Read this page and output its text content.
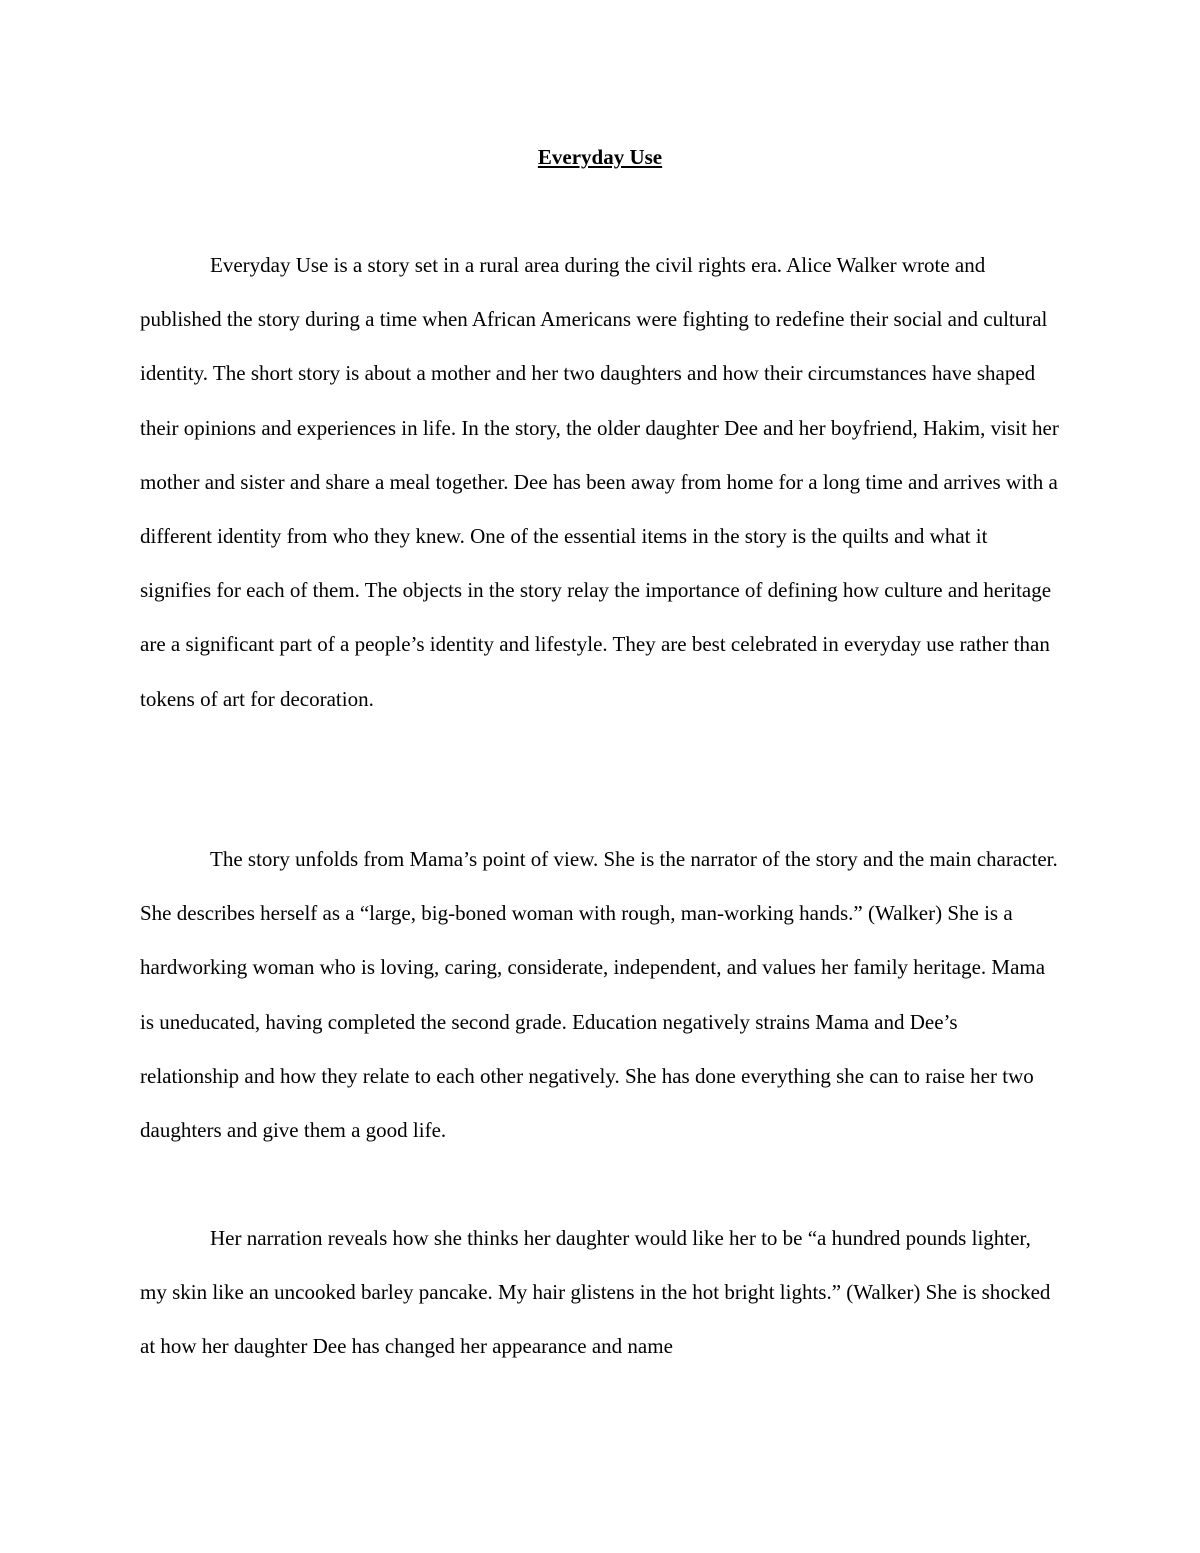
Everyday Use

Everyday Use is a story set in a rural area during the civil rights era. Alice Walker wrote and published the story during a time when African Americans were fighting to redefine their social and cultural identity. The short story is about a mother and her two daughters and how their circumstances have shaped their opinions and experiences in life. In the story, the older daughter Dee and her boyfriend, Hakim, visit her mother and sister and share a meal together. Dee has been away from home for a long time and arrives with a different identity from who they knew. One of the essential items in the story is the quilts and what it signifies for each of them. The objects in the story relay the importance of defining how culture and heritage are a significant part of a people’s identity and lifestyle. They are best celebrated in everyday use rather than tokens of art for decoration.

The story unfolds from Mama’s point of view. She is the narrator of the story and the main character. She describes herself as a “large, big-boned woman with rough, man-working hands.” (Walker) She is a hardworking woman who is loving, caring, considerate, independent, and values her family heritage. Mama is uneducated, having completed the second grade. Education negatively strains Mama and Dee’s relationship and how they relate to each other negatively. She has done everything she can to raise her two daughters and give them a good life.

Her narration reveals how she thinks her daughter would like her to be “a hundred pounds lighter, my skin like an uncooked barley pancake. My hair glistens in the hot bright lights.” (Walker) She is shocked at how her daughter Dee has changed her appearance and name
